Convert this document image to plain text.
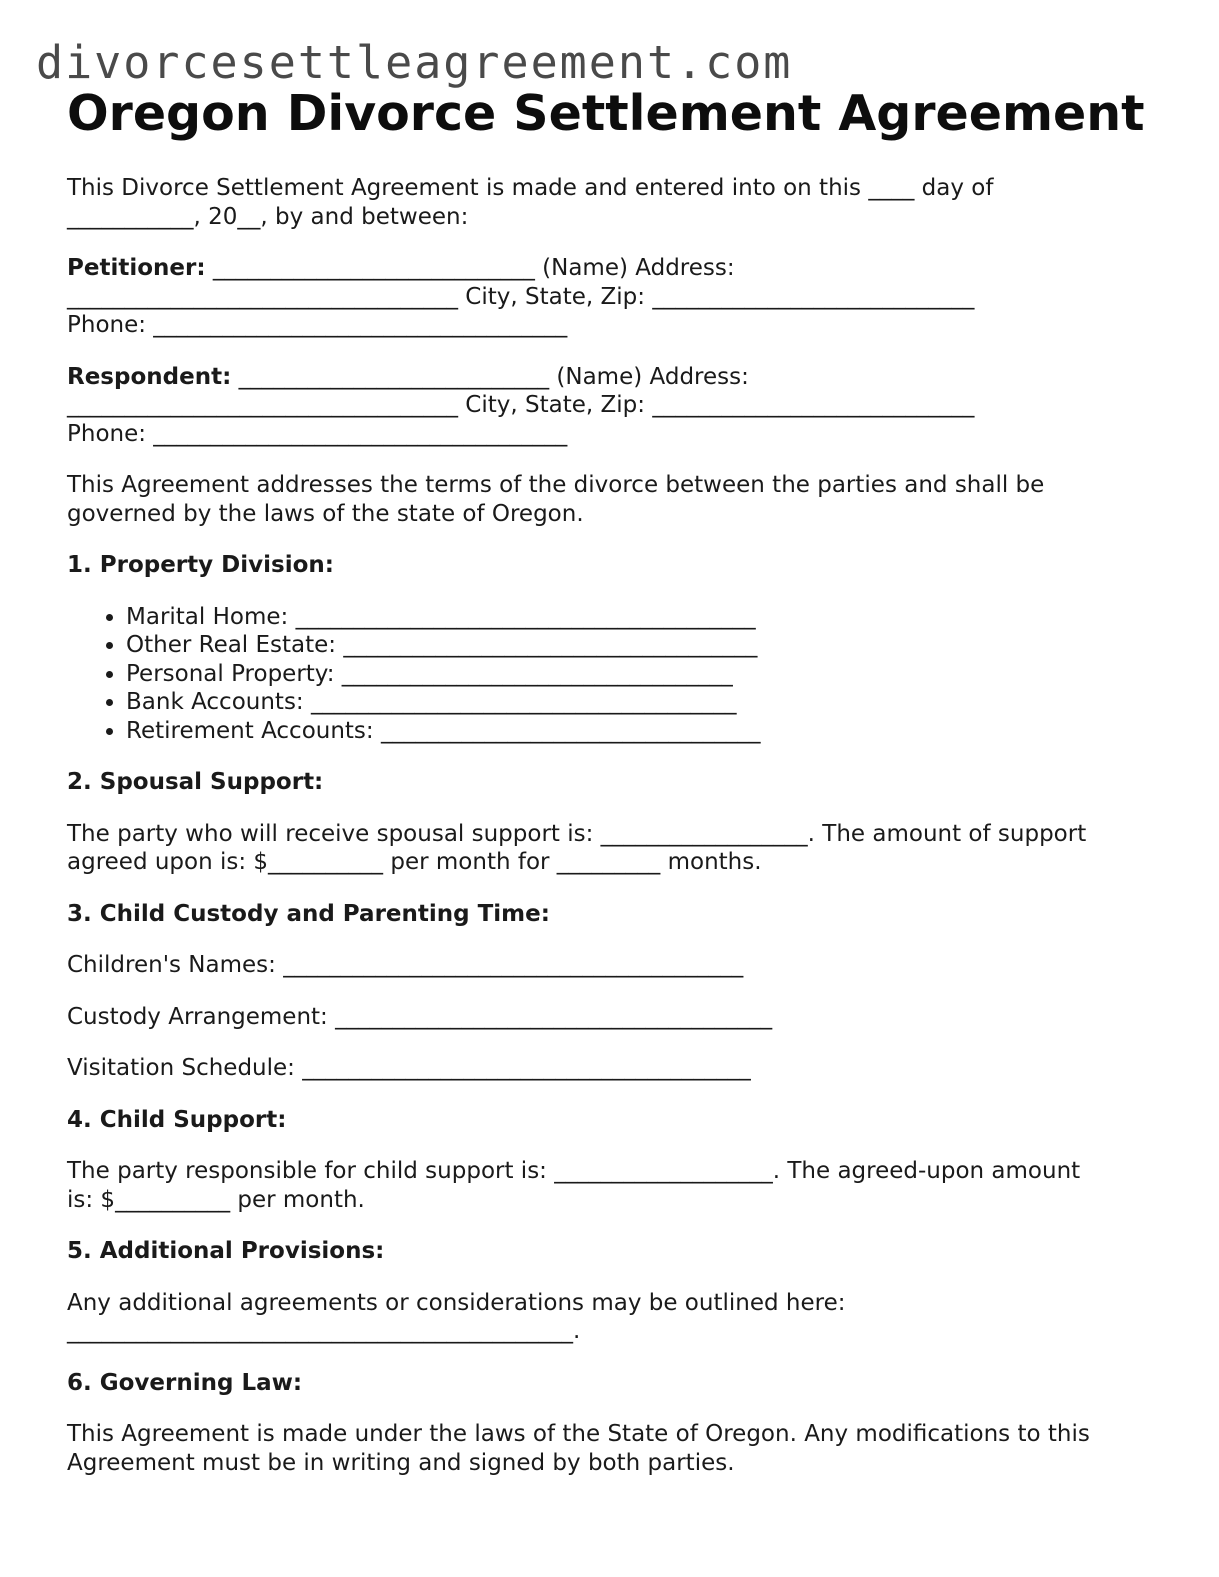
divorcesettleagreement.com
Oregon Divorce Settlement Agreement

This Divorce Settlement Agreement is made and entered into on this ____ day of
___________, 20__, by and between:

Petitioner: ____________________________ (Name) Address:
__________________________________ City, State, Zip: ____________________________
Phone: ____________________________________

Respondent: ___________________________ (Name) Address:
__________________________________ City, State, Zip: ____________________________
Phone: ____________________________________

This Agreement addresses the terms of the divorce between the parties and shall be
governed by the laws of the state of Oregon.

1. Property Division:

• Marital Home: ________________________________________
• Other Real Estate: ____________________________________
• Personal Property: __________________________________
• Bank Accounts: _____________________________________
• Retirement Accounts: _________________________________

2. Spousal Support:

The party who will receive spousal support is: __________________. The amount of support
agreed upon is: $__________ per month for _________ months.

3. Child Custody and Parenting Time:

Children's Names: ________________________________________

Custody Arrangement: ______________________________________

Visitation Schedule: _______________________________________

4. Child Support:

The party responsible for child support is: ___________________. The agreed-upon amount
is: $__________ per month.

5. Additional Provisions:

Any additional agreements or considerations may be outlined here:
____________________________________________.

6. Governing Law:

This Agreement is made under the laws of the State of Oregon. Any modifications to this
Agreement must be in writing and signed by both parties.
